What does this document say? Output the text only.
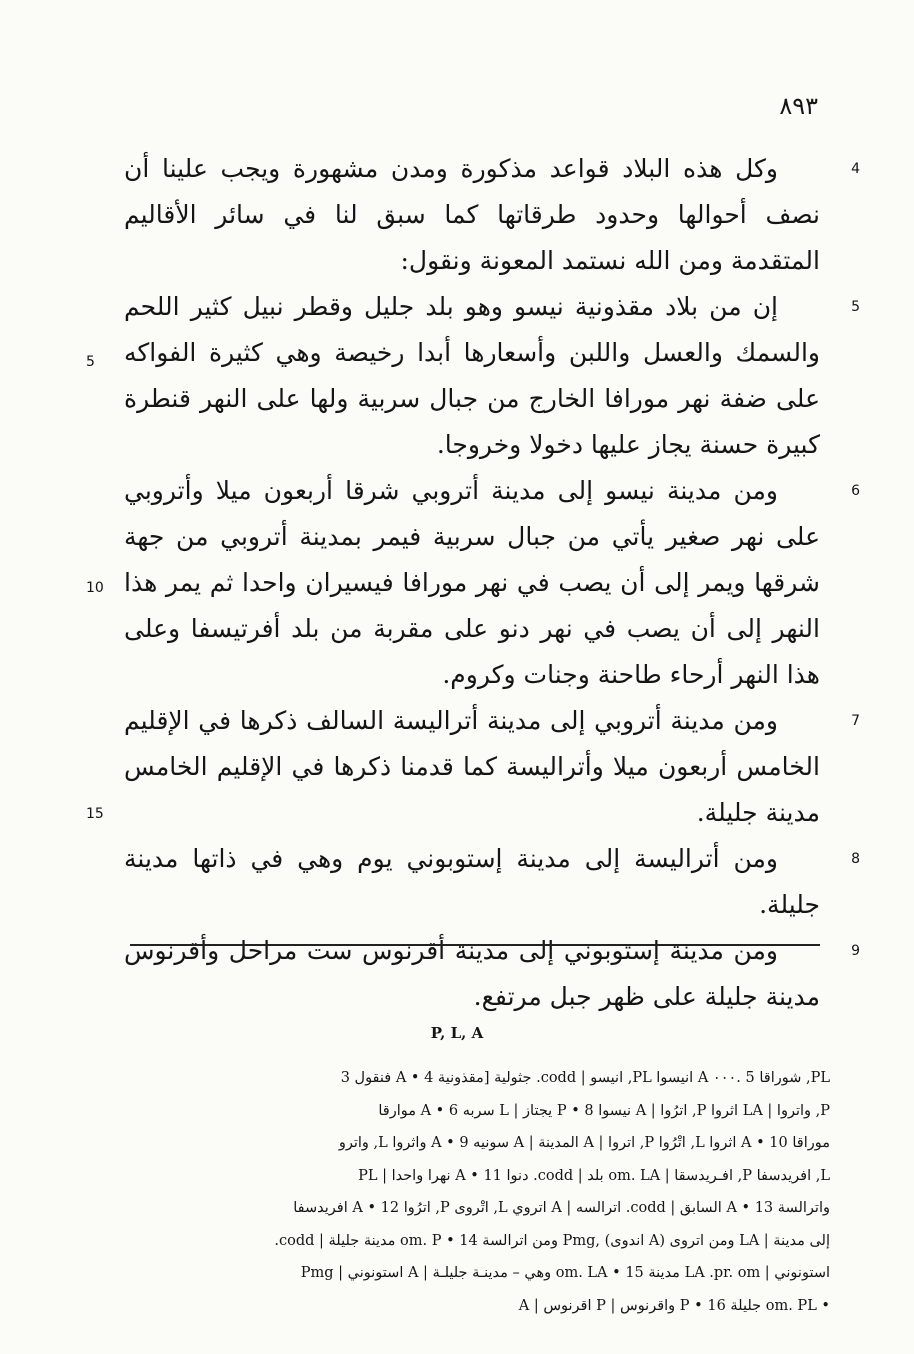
٨٩٣

4
وكل هذه البلاد قواعد مذكورة ومدن مشهورة ويجب علينا أن نصف أحوالها وحدود طرقاتها كما سبق لنا في سائر الأقاليم المتقدمة ومن الله نستمد المعونة ونقول:

5
إن من بلاد مقذونية نيسو وهو بلد جليل وقطر نبيل كثير اللحم والسمك والعسل واللبن وأسعارها أبدا رخيصة وهي كثيرة الفواكه على ضفة نهر مورافا الخارج من جبال سربية ولها على النهر قنطرة كبيرة حسنة يجاز عليها دخولا وخروجا.

6
ومن مدينة نيسو إلى مدينة أتروبي شرقا أربعون ميلا وأتروبي على نهر صغير يأتي من جبال سربية فيمر بمدينة أتروبي من جهة شرقها ويمر إلى أن يصب في نهر مورافا فيسيران واحدا ثم يمر هذا النهر إلى أن يصب في نهر دنو على مقربة من بلد أفرتيسفا وعلى هذا النهر أرحاء طاحنة وجنات وكروم.

7
ومن مدينة أتروبي إلى مدينة أتراليسة السالف ذكرها في الإقليم الخامس أربعون ميلا وأتراليسة كما قدمنا ذكرها في الإقليم الخامس مدينة جليلة.

8
ومن أتراليسة إلى مدينة إستوبوني يوم وهي في ذاتها مدينة جليلة.

9
ومن مدينة إستوبوني إلى مدينة أقرنوس ست مراحل وأقرنوس مدينة جليلة على ظهر جبل مرتفع.

5
10
15
P, L, A
PL, شوراقا 5 .٠٠٠ A انيسوا PL, انيسو | codd. جثولية [مقذونية 4 • A فنقول 3
P, واتروا | LA اثروا P, اترُوا | A نيسوا 8 • P يجتاز | L سربه 6 • A موارقا
موراقا 10 • A اثروا L, اتْرُوا P, اتروا | A المدينة | A سونيه 9 • A واثروا L, واترو
L, افريدسفا P, افـريدسقا | om. LA بلد | codd. دنوا 11 • A نهرا واحدا | PL
واترالسة 13 • A السابق | codd. اترالسه | A اتروي L, اتْروى P, اترُوا 12 • A افريدسفا
إلى مدينة | LA ومن اتروى (A اندوى) ,Pmg ومن اترالسة 14 • om. P مدينة جليلة | codd.
استونوني | LA .pr. om مدينة 15 • om. LA وهي – مدينـة جليلـة | A استونوني | Pmg
• om. PL جليلة 16 • P واقرنوس | P اقرنوس | A
